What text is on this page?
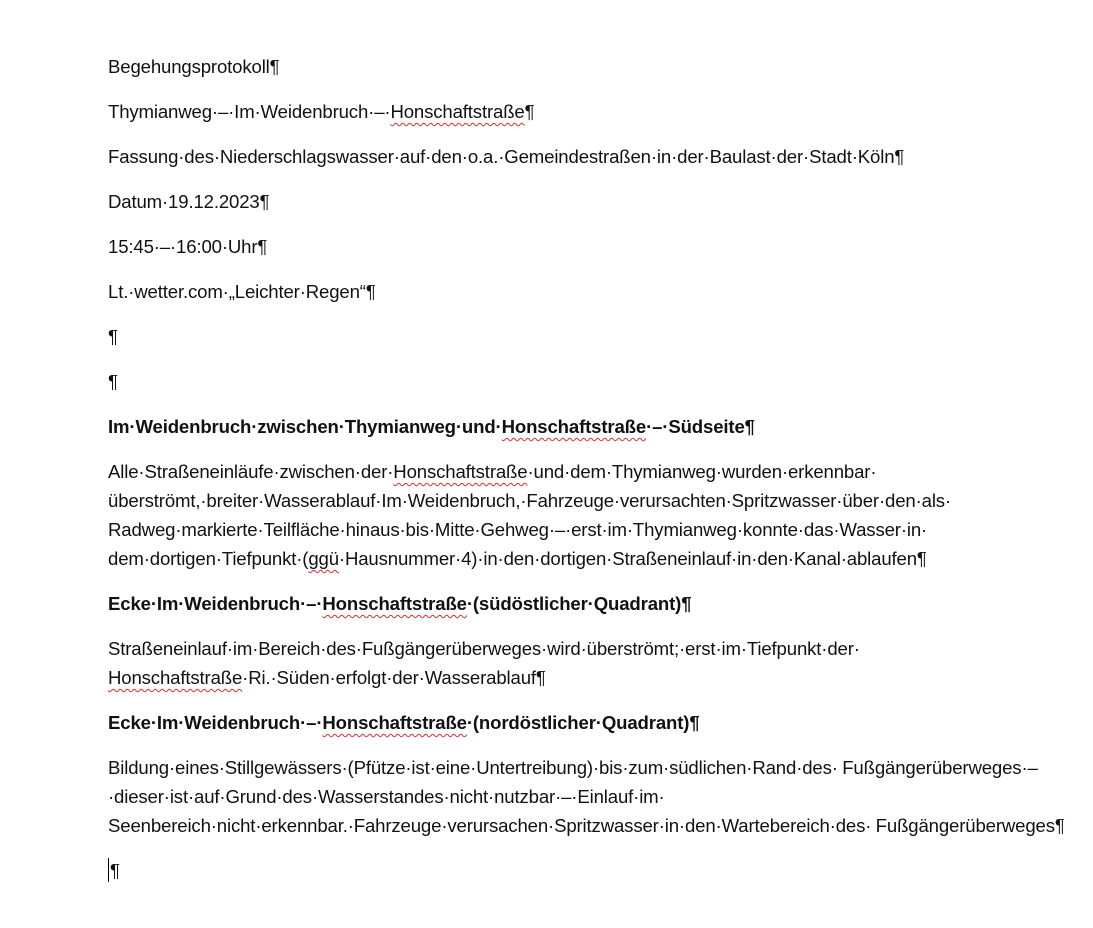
Begehungsprotokoll¶

Thymianweg·–·Im·Weidenbruch·–·Honschaftstraße¶

Fassung·des·Niederschlagswasser·auf·den·o.a.·Gemeindestraßen·in·der·Baulast·der·Stadt·Köln¶

Datum·19.12.2023¶

15:45·–·16:00·Uhr¶

Lt.·wetter.com·„Leichter·Regen“¶

¶

¶

Im·Weidenbruch·zwischen·Thymianweg·und·Honschaftstraße·–·Südseite¶

Alle·Straßeneinläufe·zwischen·der·Honschaftstraße·und·dem·Thymianweg·wurden·erkennbar· überströmt,·breiter·Wasserablauf·Im·Weidenbruch,·Fahrzeuge·verursachten·Spritzwasser·über·den·als· Radweg·markierte·Teilfläche·hinaus·bis·Mitte·Gehweg·–·erst·im·Thymianweg·konnte·das·Wasser·in· dem·dortigen·Tiefpunkt·(ggü·Hausnummer·4)·in·den·dortigen·Straßeneinlauf·in·den·Kanal·ablaufen¶

Ecke·Im·Weidenbruch·–·Honschaftstraße·(südöstlicher·Quadrant)¶

Straßeneinlauf·im·Bereich·des·Fußgängerüberweges·wird·überströmt;·erst·im·Tiefpunkt·der· Honschaftstraße·Ri.·Süden·erfolgt·der·Wasserablauf¶

Ecke·Im·Weidenbruch·–·Honschaftstraße·(nordöstlicher·Quadrant)¶

Bildung·eines·Stillgewässers·(Pfütze·ist·eine·Untertreibung)·bis·zum·südlichen·Rand·des· Fußgängerüberweges·–·dieser·ist·auf·Grund·des·Wasserstandes·nicht·nutzbar·–·Einlauf·im· Seenbereich·nicht·erkennbar.·Fahrzeuge·verursachen·Spritzwasser·in·den·Wartebereich·des· Fußgängerüberweges¶

¶
